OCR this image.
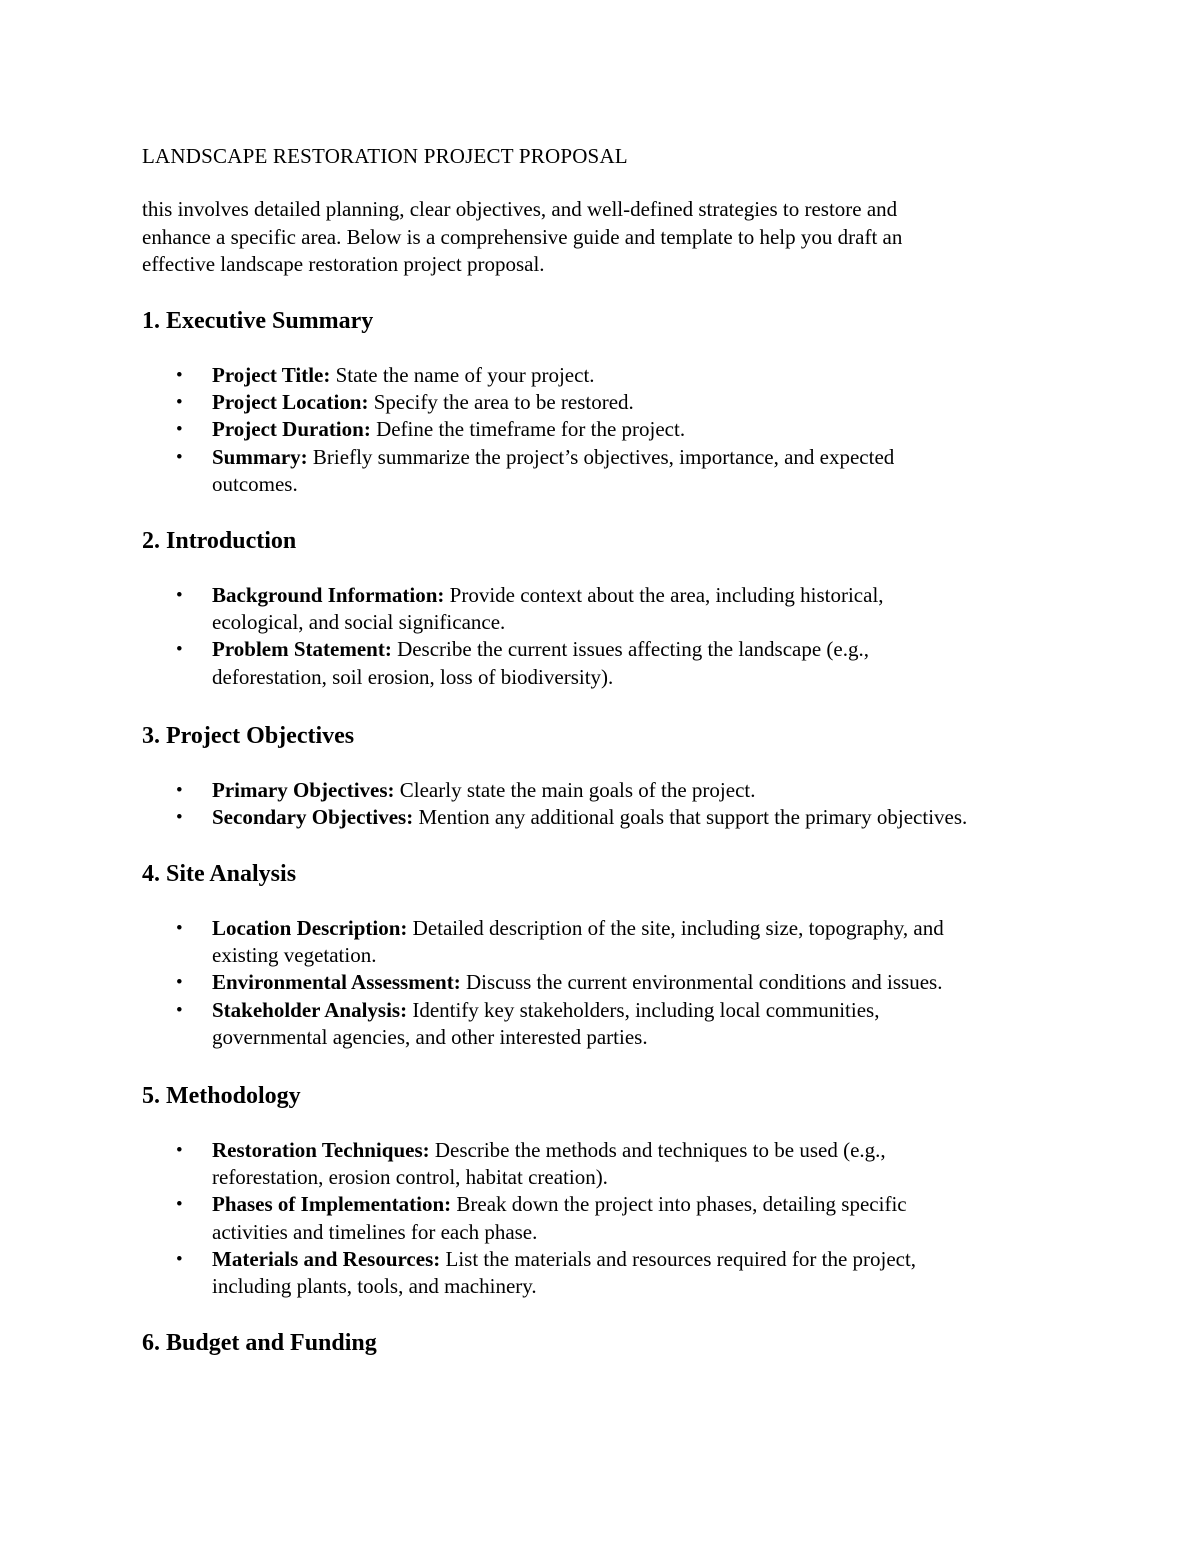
LANDSCAPE RESTORATION PROJECT PROPOSAL
this involves detailed planning, clear objectives, and well-defined strategies to restore and
enhance a specific area. Below is a comprehensive guide and template to help you draft an
effective landscape restoration project proposal.
1. Executive Summary
• Project Title: State the name of your project.
• Project Location: Specify the area to be restored.
• Project Duration: Define the timeframe for the project.
• Summary: Briefly summarize the project’s objectives, importance, and expected
outcomes.
2. Introduction
• Background Information: Provide context about the area, including historical,
ecological, and social significance.
• Problem Statement: Describe the current issues affecting the landscape (e.g.,
deforestation, soil erosion, loss of biodiversity).
3. Project Objectives
• Primary Objectives: Clearly state the main goals of the project.
• Secondary Objectives: Mention any additional goals that support the primary objectives.
4. Site Analysis
• Location Description: Detailed description of the site, including size, topography, and
existing vegetation.
• Environmental Assessment: Discuss the current environmental conditions and issues.
• Stakeholder Analysis: Identify key stakeholders, including local communities,
governmental agencies, and other interested parties.
5. Methodology
• Restoration Techniques: Describe the methods and techniques to be used (e.g.,
reforestation, erosion control, habitat creation).
• Phases of Implementation: Break down the project into phases, detailing specific
activities and timelines for each phase.
• Materials and Resources: List the materials and resources required for the project,
including plants, tools, and machinery.
6. Budget and Funding
